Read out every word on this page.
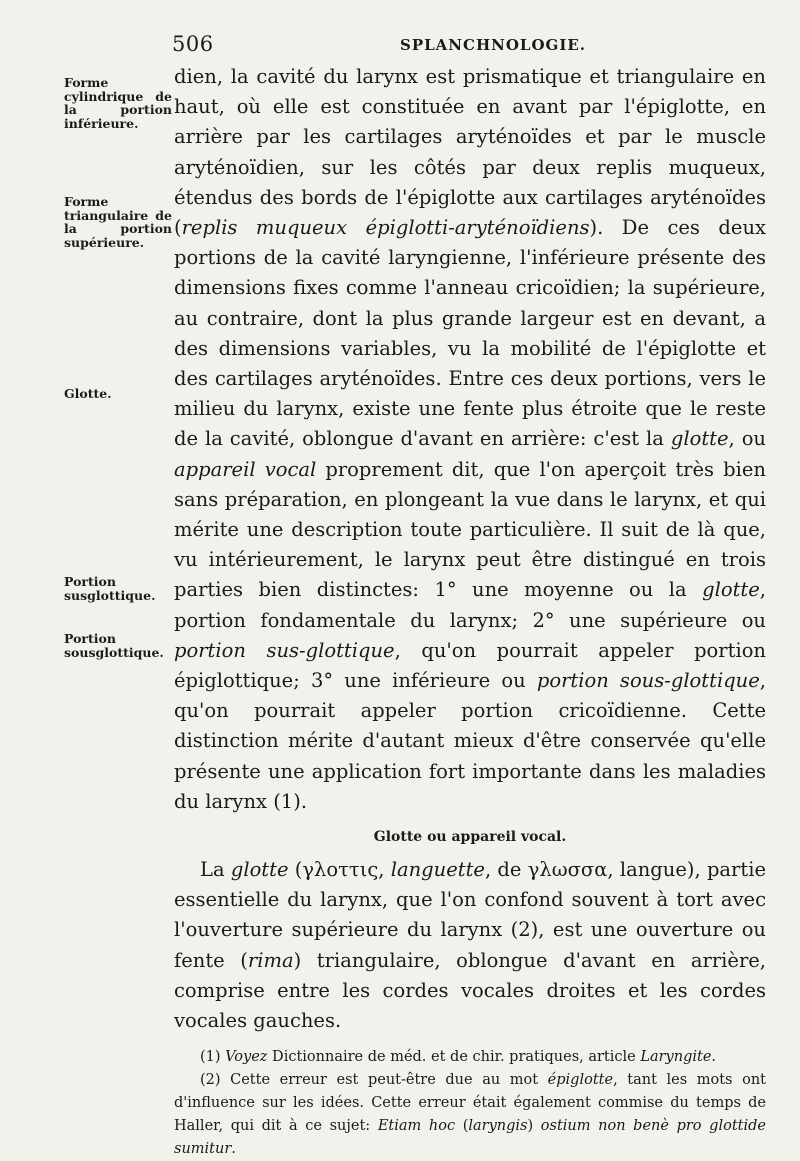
506	SPLANCHNOLOGIE.
Forme cylindrique de la portion inférieure.
Forme triangulaire de la portion supérieure.
Glotte.
Portion susglottique.
Portion sousglottique.

dien, la cavité du larynx est prismatique et triangulaire en haut, où elle est constituée en avant par l'épiglotte, en arrière par les cartilages aryténoïdes et par le muscle aryténoïdien, sur les côtés par deux replis muqueux, étendus des bords de l'épiglotte aux cartilages aryténoïdes (replis muqueux épiglotti-aryténoïdiens). De ces deux portions de la cavité laryngienne, l'inférieure présente des dimensions fixes comme l'anneau cricoïdien; la supérieure, au contraire, dont la plus grande largeur est en devant, a des dimensions variables, vu la mobilité de l'épiglotte et des cartilages aryténoïdes. Entre ces deux portions, vers le milieu du larynx, existe une fente plus étroite que le reste de la cavité, oblongue d'avant en arrière: c'est la glotte, ou appareil vocal proprement dit, que l'on aperçoit très bien sans préparation, en plongeant la vue dans le larynx, et qui mérite une description toute particulière. Il suit de là que, vu intérieurement, le larynx peut être distingué en trois parties bien distinctes: 1° une moyenne ou la glotte, portion fondamentale du larynx; 2° une supérieure ou portion sus-glottique, qu'on pourrait appeler portion épiglottique; 3° une inférieure ou portion sous-glottique, qu'on pourrait appeler portion cricoïdienne. Cette distinction mérite d'autant mieux d'être conservée qu'elle présente une application fort importante dans les maladies du larynx (1).

Glotte ou appareil vocal.

La glotte (γλοττις, languette, de γλωσσα, langue), partie essentielle du larynx, que l'on confond souvent à tort avec l'ouverture supérieure du larynx (2), est une ouverture ou fente (rima) triangulaire, oblongue d'avant en arrière, comprise entre les cordes vocales droites et les cordes vocales gauches.

(1) Voyez Dictionnaire de méd. et de chir. pratiques, article Laryngite.

(2) Cette erreur est peut-être due au mot épiglotte, tant les mots ont d'influence sur les idées. Cette erreur était également commise du temps de Haller, qui dit à ce sujet: Etiam hoc (laryngis) ostium non benè pro glottide sumitur.
